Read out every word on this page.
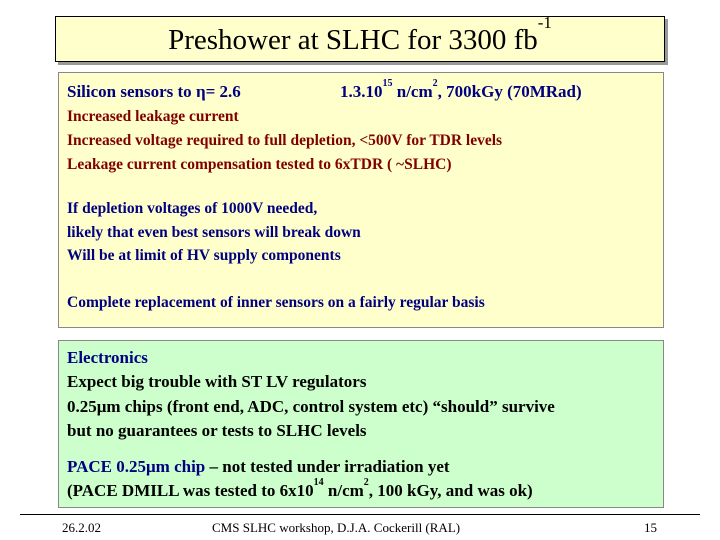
Preshower at SLHC for 3300 $fb^{-1}$
Silicon sensors to η= 2.6	1.3.10$^{15}$ $n/cm^2$, 700kGy (70MRad)
Increased leakage current
Increased voltage required to full depletion, <500V for TDR levels
Leakage current compensation tested to 6xTDR ( ~SLHC)
If depletion voltages of 1000V needed,
likely that even best sensors will break down
Will be at limit of HV supply components
Complete replacement of inner sensors on a fairly regular basis
Electronics
Expect big trouble with ST LV regulators
0.25μm chips (front end, ADC, control system etc) “should” survive
but no guarantees or tests to SLHC levels
PACE 0.25μm chip – not tested under irradiation yet
(PACE DMILL was tested to $6x10^{14}$ $n/cm^2$, 100 kGy, and was ok)
26.2.02	CMS SLHC workshop, D.J.A. Cockerill (RAL)	15
